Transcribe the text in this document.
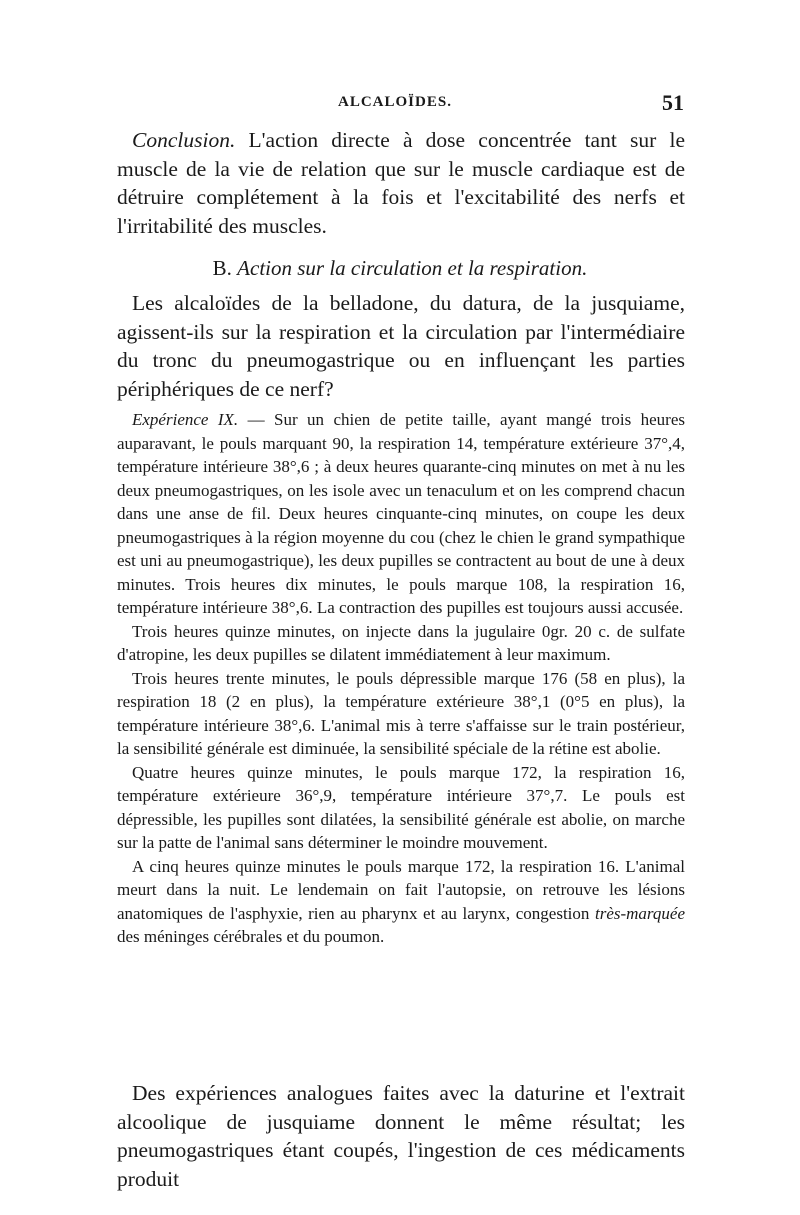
ALCALOÏDES.	51

Conclusion. L'action directe à dose concentrée tant sur le muscle de la vie de relation que sur le muscle cardiaque est de détruire complétement à la fois et l'excitabilité des nerfs et l'irritabilité des muscles.

B. Action sur la circulation et la respiration.

Les alcaloïdes de la belladone, du datura, de la jusquiame, agissent-ils sur la respiration et la circulation par l'intermédiaire du tronc du pneumogastrique ou en influençant les parties périphériques de ce nerf?

Expérience IX. — Sur un chien de petite taille, ayant mangé trois heures auparavant, le pouls marquant 90, la respiration 14, température extérieure 37°,4, température intérieure 38°,6 ; à deux heures quarante-cinq minutes on met à nu les deux pneumogastriques, on les isole avec un tenaculum et on les comprend chacun dans une anse de fil. Deux heures cinquante-cinq minutes, on coupe les deux pneumogastriques à la région moyenne du cou (chez le chien le grand sympathique est uni au pneumogastrique), les deux pupilles se contractent au bout de une à deux minutes. Trois heures dix minutes, le pouls marque 108, la respiration 16, température intérieure 38°,6. La contraction des pupilles est toujours aussi accusée.

Trois heures quinze minutes, on injecte dans la jugulaire 0gr. 20 c. de sulfate d'atropine, les deux pupilles se dilatent immédiatement à leur maximum.

Trois heures trente minutes, le pouls dépressible marque 176 (58 en plus), la respiration 18 (2 en plus), la température extérieure 38°,1 (0°5 en plus), la température intérieure 38°,6. L'animal mis à terre s'affaisse sur le train postérieur, la sensibilité générale est diminuée, la sensibilité spéciale de la rétine est abolie.

Quatre heures quinze minutes, le pouls marque 172, la respiration 16, température extérieure 36°,9, température intérieure 37°,7. Le pouls est dépressible, les pupilles sont dilatées, la sensibilité générale est abolie, on marche sur la patte de l'animal sans déterminer le moindre mouvement.

A cinq heures quinze minutes le pouls marque 172, la respiration 16. L'animal meurt dans la nuit. Le lendemain on fait l'autopsie, on retrouve les lésions anatomiques de l'asphyxie, rien au pharynx et au larynx, congestion très-marquée des méninges cérébrales et du poumon.

Des expériences analogues faites avec la daturine et l'extrait alcoolique de jusquiame donnent le même résultat; les pneumogastriques étant coupés, l'ingestion de ces médicaments produit
